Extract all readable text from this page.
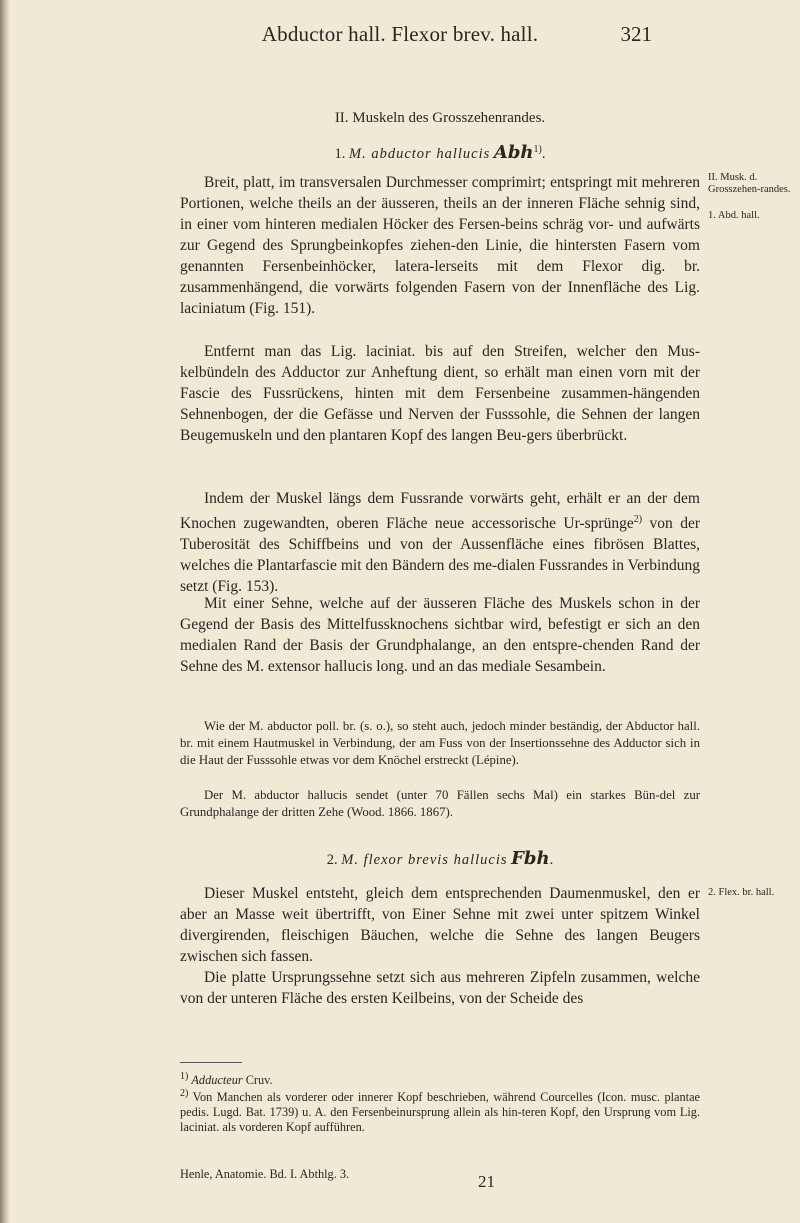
Abductor hall. Flexor brev. hall.	321
II. Muskeln des Grosszehenrandes.
1. M. abductor hallucis Abh$^{1)}$.

Breit, platt, im transversalen Durchmesser comprimirt; entspringt mit mehreren Portionen, welche theils an der äusseren, theils an der inneren Fläche sehnig sind, in einer vom hinteren medialen Höcker des Fersen-beins schräg vor- und aufwärts zur Gegend des Sprungbeinkopfes ziehen-den Linie, die hintersten Fasern vom genannten Fersenbeinhöcker, latera-lerseits mit dem Flexor dig. br. zusammenhängend, die vorwärts folgenden Fasern von der Innenfläche des Lig. laciniatum (Fig. 151).

Entfernt man das Lig. laciniat. bis auf den Streifen, welcher den Mus-kelbündeln des Adductor zur Anheftung dient, so erhält man einen vorn mit der Fascie des Fussrückens, hinten mit dem Fersenbeine zusammen-hängenden Sehnenbogen, der die Gefässe und Nerven der Fusssohle, die Sehnen der langen Beugemuskeln und den plantaren Kopf des langen Beu-gers überbrückt.

Indem der Muskel längs dem Fussrande vorwärts geht, erhält er an der dem Knochen zugewandten, oberen Fläche neue accessorische Ur-sprünge$^{2)}$ von der Tuberosität des Schiffbeins und von der Aussenfläche eines fibrösen Blattes, welches die Plantarfascie mit den Bändern des me-dialen Fussrandes in Verbindung setzt (Fig. 153).

Mit einer Sehne, welche auf der äusseren Fläche des Muskels schon in der Gegend der Basis des Mittelfussknochens sichtbar wird, befestigt er sich an den medialen Rand der Basis der Grundphalange, an den entspre-chenden Rand der Sehne des M. extensor hallucis long. und an das mediale Sesambein.

Wie der M. abductor poll. br. (s. o.), so steht auch, jedoch minder beständig, der Abductor hall. br. mit einem Hautmuskel in Verbindung, der am Fuss von der Insertionssehne des Adductor sich in die Haut der Fusssohle etwas vor dem Knöchel erstreckt (Lépine).

Der M. abductor hallucis sendet (unter 70 Fällen sechs Mal) ein starkes Bün-del zur Grundphalange der dritten Zehe (Wood. 1866. 1867).

2. M. flexor brevis hallucis Fbh.

Dieser Muskel entsteht, gleich dem entsprechenden Daumenmuskel, den er aber an Masse weit übertrifft, von Einer Sehne mit zwei unter spitzem Winkel divergirenden, fleischigen Bäuchen, welche die Sehne des langen Beugers zwischen sich fassen.

Die platte Ursprungssehne setzt sich aus mehreren Zipfeln zusammen, welche von der unteren Fläche des ersten Keilbeins, von der Scheide des

II. Musk. d. Grosszehen-randes.
1. Abd. hall.
2. Flex. br. hall.

$^{1)}$ Adducteur Cruv.

$^{2)}$ Von Manchen als vorderer oder innerer Kopf beschrieben, während Courcelles (Icon. musc. plantae pedis. Lugd. Bat. 1739) u. A. den Fersenbeinursprung allein als hin-teren Kopf, den Ursprung vom Lig. laciniat. als vorderen Kopf aufführen.

Henle, Anatomie. Bd. I. Abthlg. 3.	21
